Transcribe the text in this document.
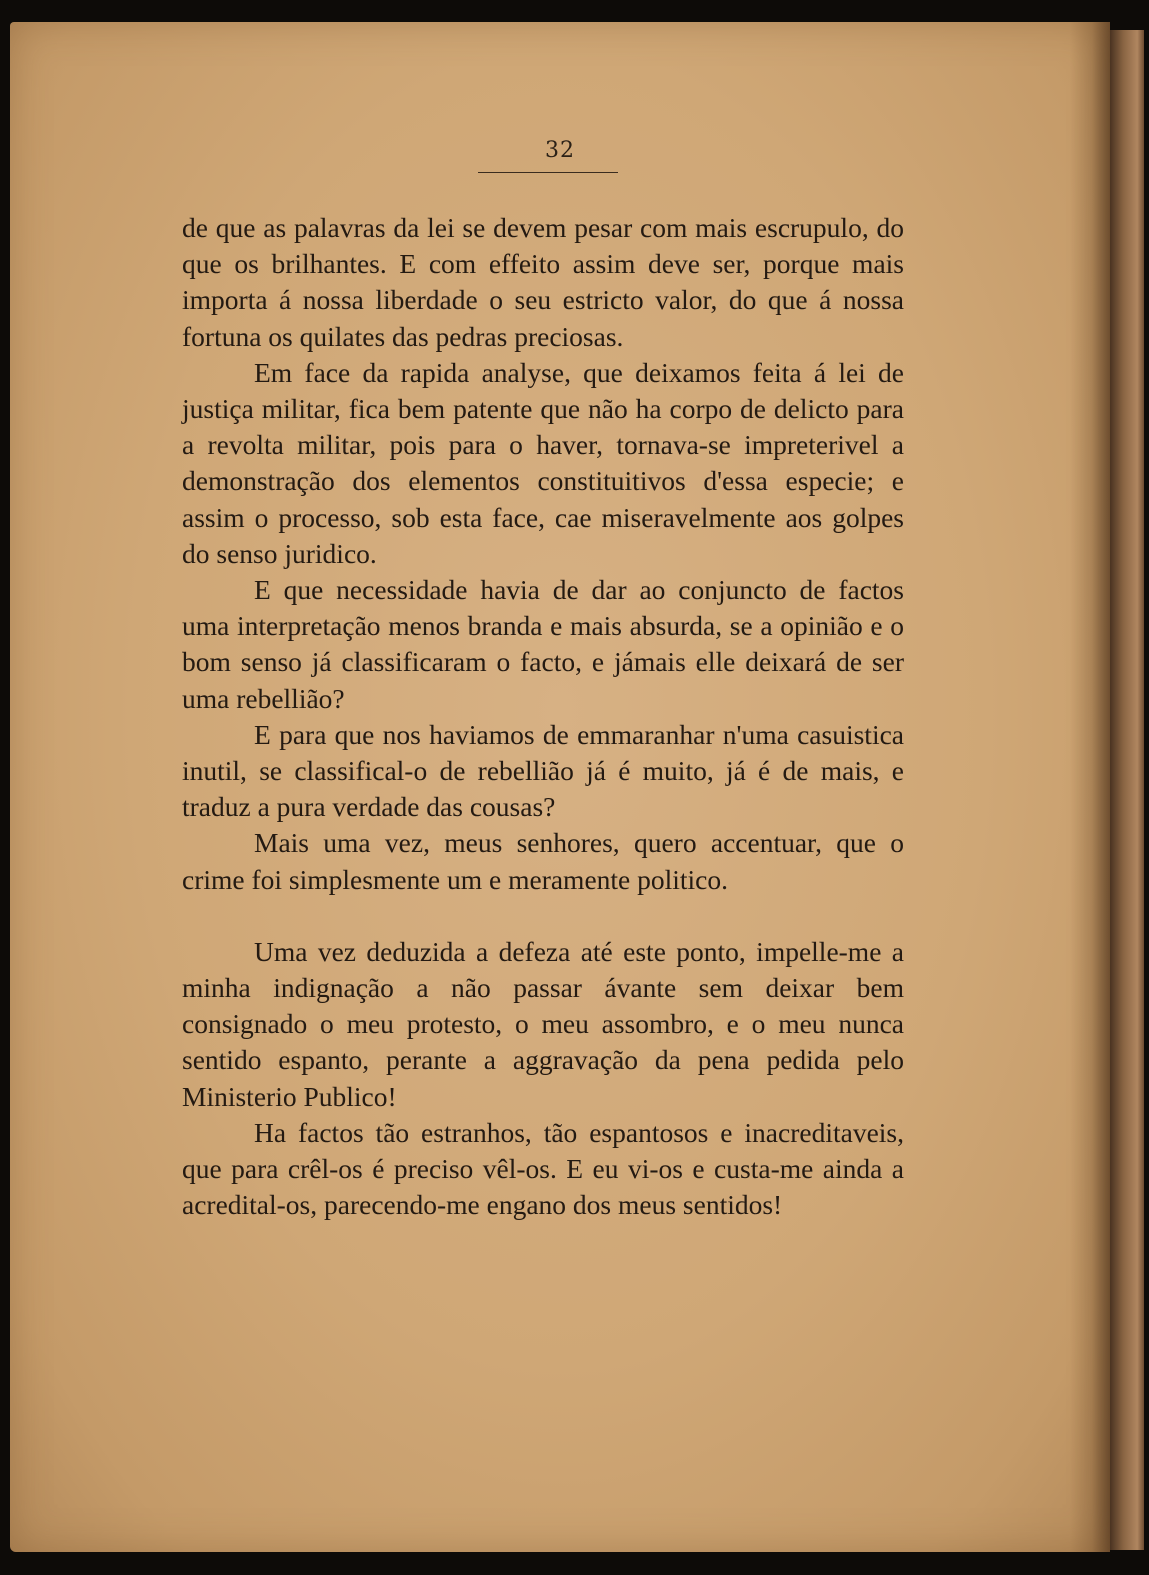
32

de que as palavras da lei se devem pesar com mais escrupulo, do que os brilhantes. E com effeito assim deve ser, porque mais importa á nossa liberdade o seu estricto valor, do que á nossa fortuna os quilates das pedras preciosas.

Em face da rapida analyse, que deixamos feita á lei de justiça militar, fica bem patente que não ha corpo de delicto para a revolta militar, pois para o haver, tornava-se impreterivel a demonstração dos elementos constituitivos d'essa especie; e assim o processo, sob esta face, cae miseravelmente aos golpes do senso juridico.

E que necessidade havia de dar ao conjuncto de factos uma interpretação menos branda e mais absurda, se a opinião e o bom senso já classificaram o facto, e jámais elle deixará de ser uma rebellião?

E para que nos haviamos de emmaranhar n'uma casuistica inutil, se classifical-o de rebellião já é muito, já é de mais, e traduz a pura verdade das cousas?

Mais uma vez, meus senhores, quero accentuar, que o crime foi simplesmente um e meramente politico.

Uma vez deduzida a defeza até este ponto, impelle-me a minha indignação a não passar ávante sem deixar bem consignado o meu protesto, o meu assombro, e o meu nunca sentido espanto, perante a aggravação da pena pedida pelo Ministerio Publico!

Ha factos tão estranhos, tão espantosos e inacreditaveis, que para crêl-os é preciso vêl-os. E eu vi-os e custa-me ainda a acredital-os, parecendo-me engano dos meus sentidos!
